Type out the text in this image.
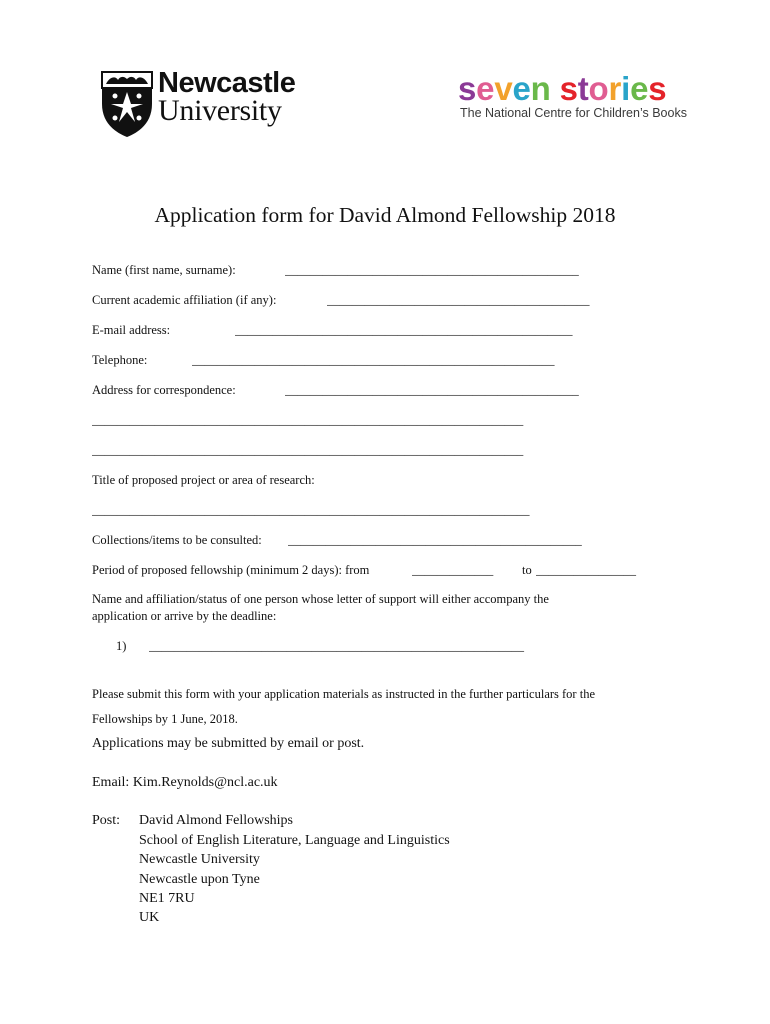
Newcastle
University
seven stories
The National Centre for Children’s Books
Application form for David Almond Fellowship 2018
Name (first name, surname):	_______________________________________________
Current academic affiliation (if any):	__________________________________________
E-mail address:	______________________________________________________
Telephone:	__________________________________________________________
Address for correspondence:	_______________________________________________
_____________________________________________________________________
_____________________________________________________________________
Title of proposed project or area of research:
______________________________________________________________________
Collections/items to be consulted: _______________________________________________
Period of proposed fellowship (minimum 2 days): from	_____________	to ________________
Name and affiliation/status of one person whose letter of support will either accompany the
application or arrive by the deadline:
1)	____________________________________________________________
Please submit this form with your application materials as instructed in the further particulars for the
Fellowships by 1 June, 2018.
Applications may be submitted by email or post.
Email: Kim.Reynolds@ncl.ac.uk
Post: David Almond Fellowships
School of English Literature, Language and Linguistics
Newcastle University
Newcastle upon Tyne
NE1 7RU
UK
